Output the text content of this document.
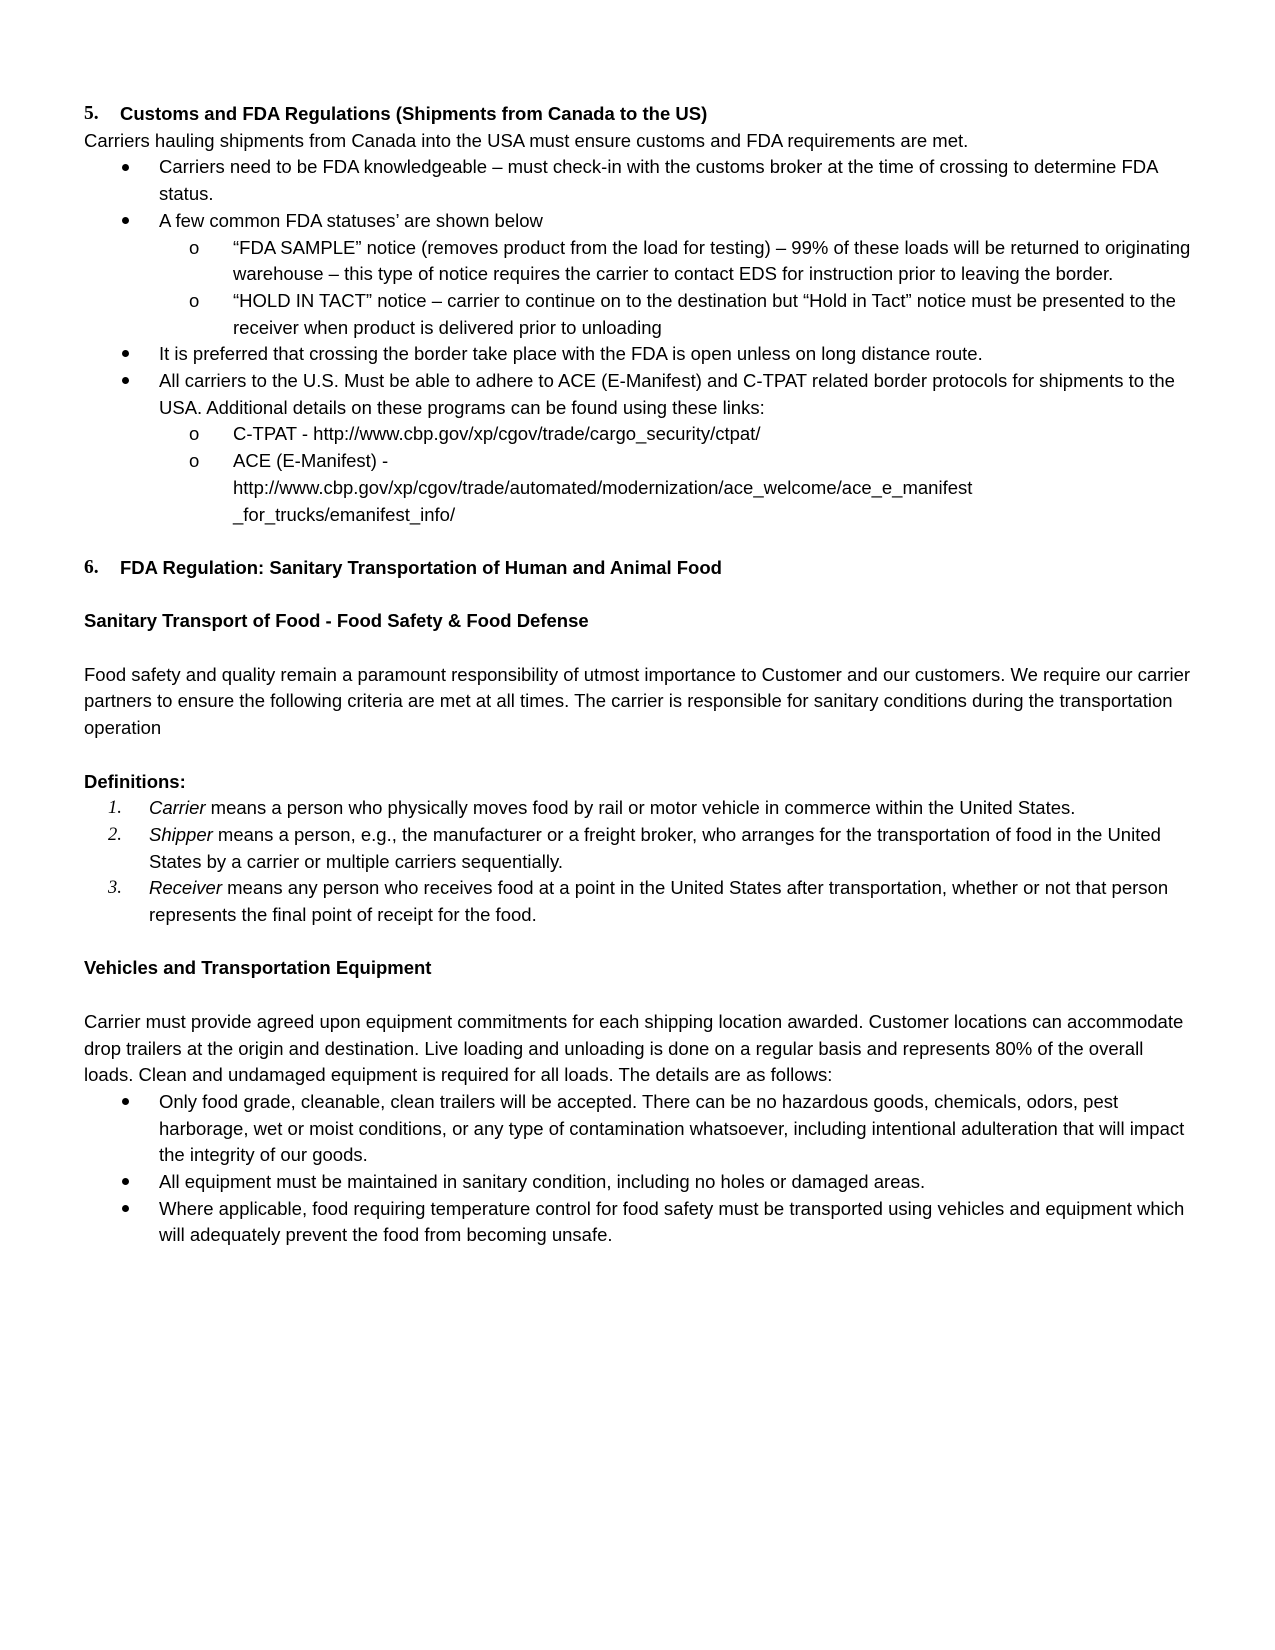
5.	Customs and FDA Regulations (Shipments from Canada to the US)

Carriers hauling shipments from Canada into the USA must ensure customs and FDA requirements are met.

Carriers need to be FDA knowledgeable – must check-in with the customs broker at the time of crossing to determine FDA status.
A few common FDA statuses’ are shown below
o “FDA SAMPLE” notice (removes product from the load for testing) – 99% of these loads will be returned to originating warehouse – this type of notice requires the carrier to contact EDS for instruction prior to leaving the border.
o “HOLD IN TACT” notice – carrier to continue on to the destination but “Hold in Tact” notice must be presented to the receiver when product is delivered prior to unloading
It is preferred that crossing the border take place with the FDA is open unless on long distance route.
All carriers to the U.S. Must be able to adhere to ACE (E-Manifest) and C-TPAT related border protocols for shipments to the USA. Additional details on these programs can be found using these links:
o C-TPAT - http://www.cbp.gov/xp/cgov/trade/cargo_security/ctpat/
o ACE (E-Manifest) -
http://www.cbp.gov/xp/cgov/trade/automated/modernization/ace_welcome/ace_e_manifest
_for_trucks/emanifest_info/

6.	FDA Regulation: Sanitary Transportation of Human and Animal Food

Sanitary Transport of Food - Food Safety & Food Defense

Food safety and quality remain a paramount responsibility of utmost importance to Customer and our customers. We require our carrier partners to ensure the following criteria are met at all times. The carrier is responsible for sanitary conditions during the transportation operation

Definitions:

1. Carrier means a person who physically moves food by rail or motor vehicle in commerce within the United States.
2. Shipper means a person, e.g., the manufacturer or a freight broker, who arranges for the transportation of food in the United States by a carrier or multiple carriers sequentially.
3. Receiver means any person who receives food at a point in the United States after transportation, whether or not that person represents the final point of receipt for the food.

Vehicles and Transportation Equipment

Carrier must provide agreed upon equipment commitments for each shipping location awarded. Customer locations can accommodate drop trailers at the origin and destination. Live loading and unloading is done on a regular basis and represents 80% of the overall loads. Clean and undamaged equipment is required for all loads. The details are as follows:

Only food grade, cleanable, clean trailers will be accepted. There can be no hazardous goods, chemicals, odors, pest harborage, wet or moist conditions, or any type of contamination whatsoever, including intentional adulteration that will impact the integrity of our goods.
All equipment must be maintained in sanitary condition, including no holes or damaged areas.
Where applicable, food requiring temperature control for food safety must be transported using vehicles and equipment which will adequately prevent the food from becoming unsafe.
